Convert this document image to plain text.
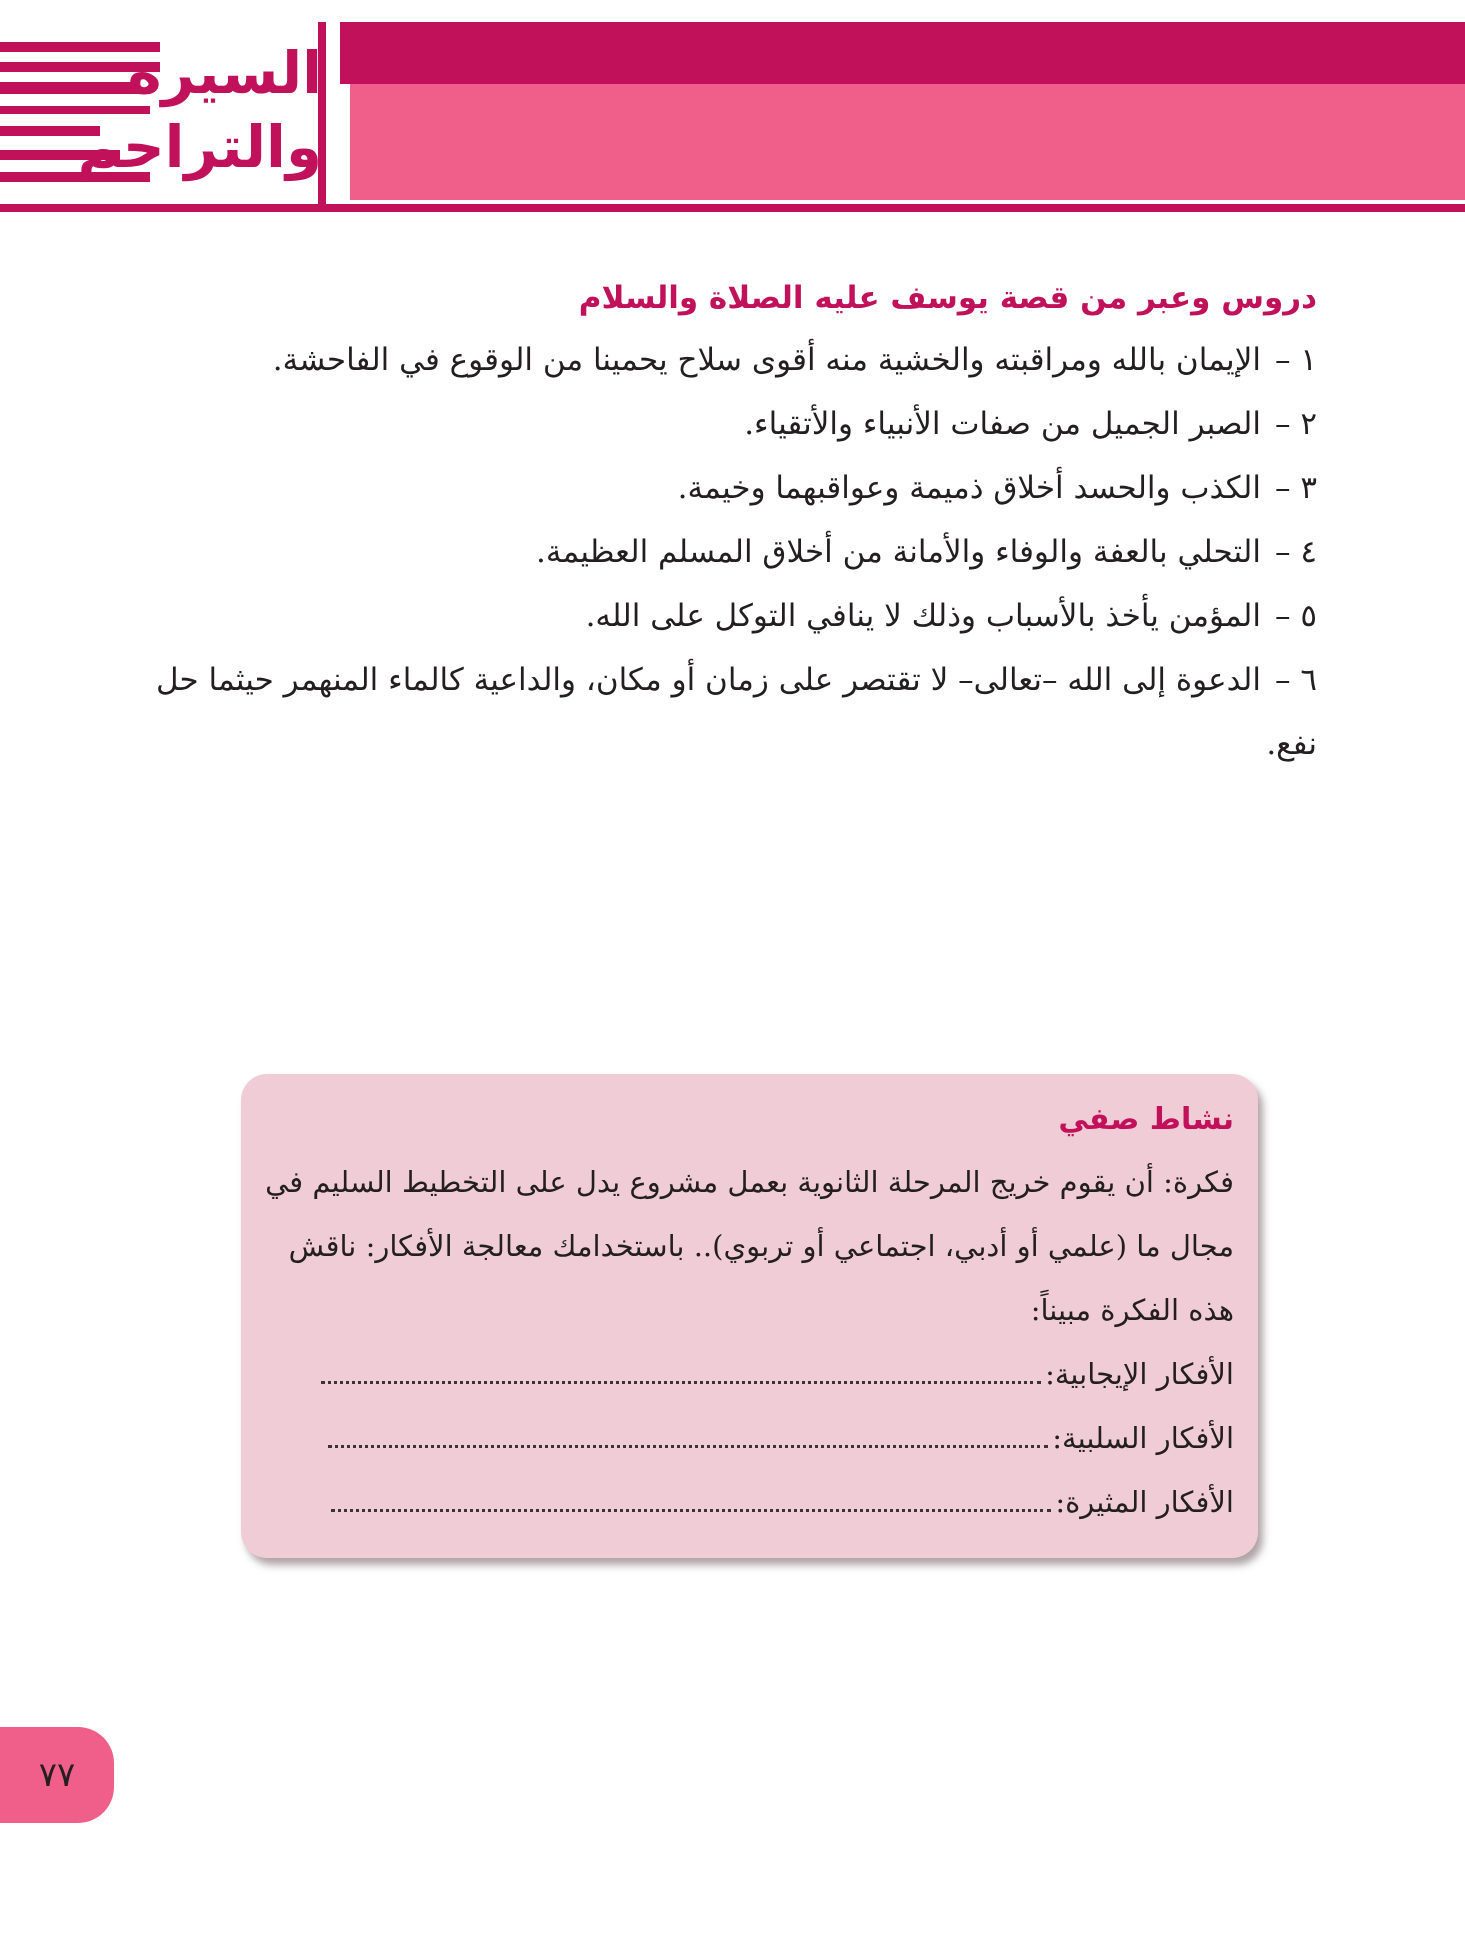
السيرة
والتراجم
دروس وعبر من قصة يوسف عليه الصلاة والسلام
١ –الإيمان بالله ومراقبته والخشية منه أقوى سلاح يحمينا من الوقوع في الفاحشة.
٢ –الصبر الجميل من صفات الأنبياء والأتقياء.
٣ –الكذب والحسد أخلاق ذميمة وعواقبهما وخيمة.
٤ –التحلي بالعفة والوفاء والأمانة من أخلاق المسلم العظيمة.
٥ –المؤمن يأخذ بالأسباب وذلك لا ينافي التوكل على الله.
٦ –الدعوة إلى الله –تعالى– لا تقتصر على زمان أو مكان، والداعية كالماء المنهمر حيثما حل نفع.
نشاط صفي

فكرة: أن يقوم خريج المرحلة الثانوية بعمل مشروع يدل على التخطيط السليم في مجال ما (علمي أو أدبي، اجتماعي أو تربوي).. باستخدامك معالجة الأفكار: ناقش هذه الفكرة مبيناً:

الأفكار الإيجابية:
الأفكار السلبية:
الأفكار المثيرة:
٧٧
